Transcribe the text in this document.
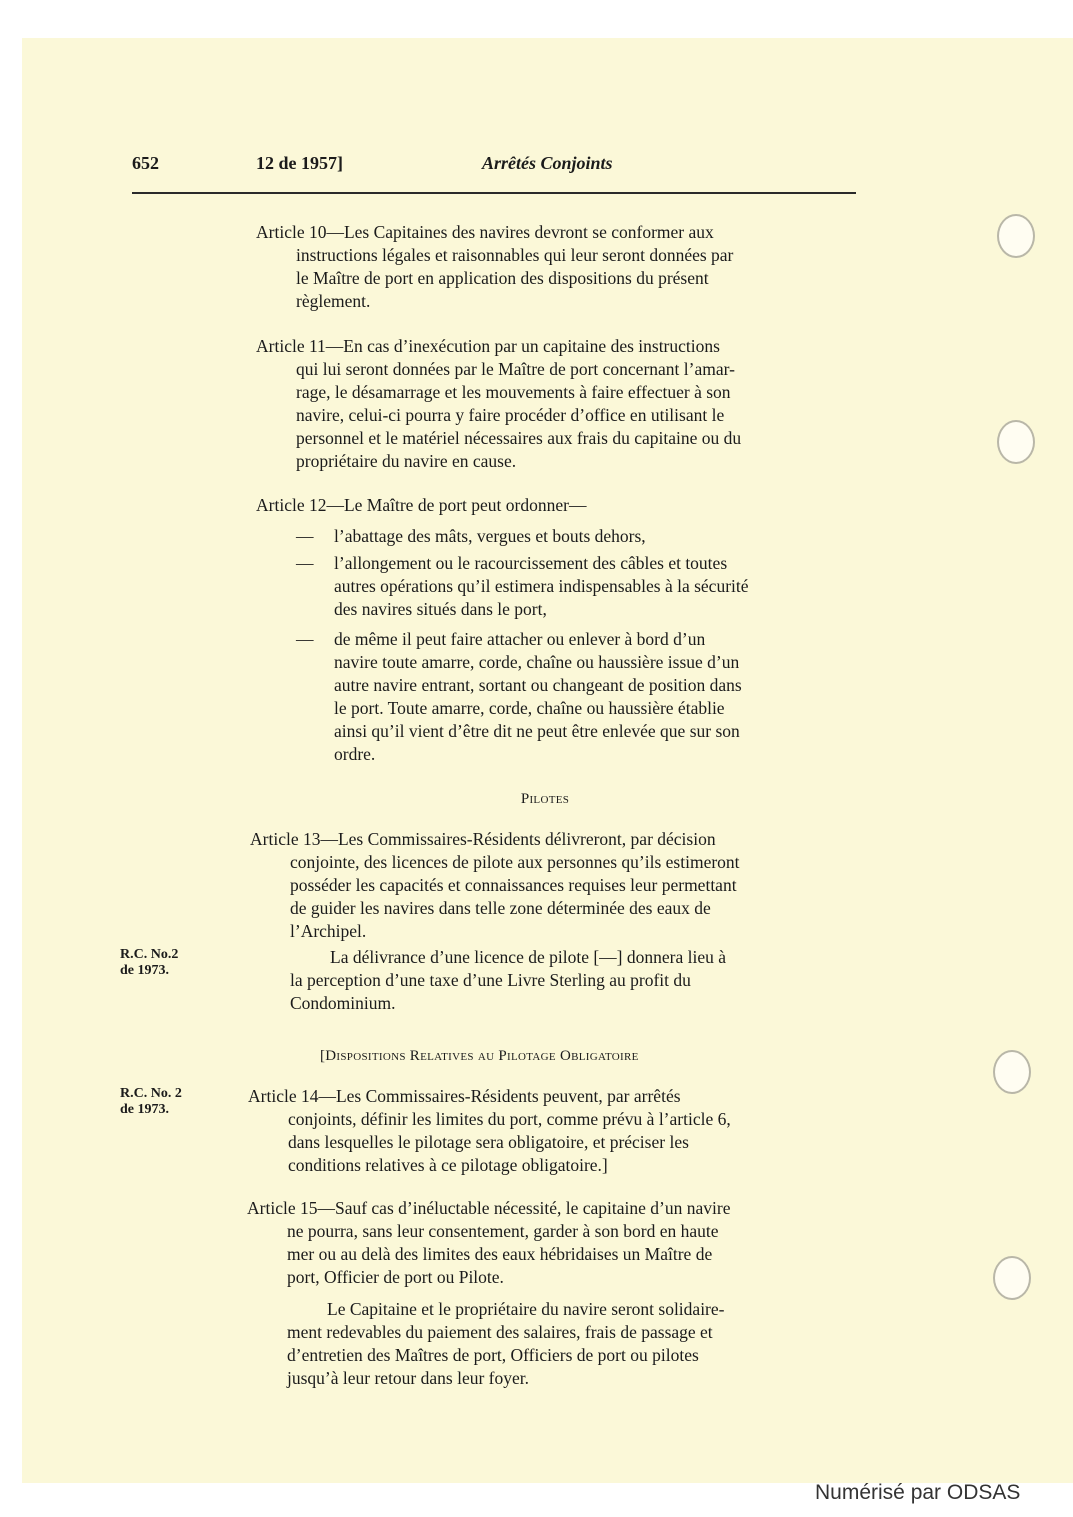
652	12 de 1957]	Arrêtés Conjoints
Article 10—Les Capitaines des navires devront se conformer aux
instructions légales et raisonnables qui leur seront données par
le Maître de port en application des dispositions du présent
règlement.
Article 11—En cas d’inexécution par un capitaine des instructions
qui lui seront données par le Maître de port concernant l’amar-
rage, le désamarrage et les mouvements à faire effectuer à son
navire, celui-ci pourra y faire procéder d’office en utilisant le
personnel et le matériel nécessaires aux frais du capitaine ou du
propriétaire du navire en cause.
Article 12—Le Maître de port peut ordonner—
— l’abattage des mâts, vergues et bouts dehors,
— l’allongement ou le racourcissement des câbles et toutes
autres opérations qu’il estimera indispensables à la sécurité
des navires situés dans le port,
— de même il peut faire attacher ou enlever à bord d’un
navire toute amarre, corde, chaîne ou haussière issue d’un
autre navire entrant, sortant ou changeant de position dans
le port. Toute amarre, corde, chaîne ou haussière établie
ainsi qu’il vient d’être dit ne peut être enlevée que sur son
ordre.
Pilotes
Article 13—Les Commissaires-Résidents délivreront, par décision
conjointe, des licences de pilote aux personnes qu’ils estimeront
posséder les capacités et connaissances requises leur permettant
de guider les navires dans telle zone déterminée des eaux de
l’Archipel.
R.C. No.2
de 1973.
La délivrance d’une licence de pilote [—] donnera lieu à
la perception d’une taxe d’une Livre Sterling au profit du
Condominium.
[Dispositions Relatives au Pilotage Obligatoire
R.C. No. 2
de 1973.
Article 14—Les Commissaires-Résidents peuvent, par arrêtés
conjoints, définir les limites du port, comme prévu à l’article 6,
dans lesquelles le pilotage sera obligatoire, et préciser les
conditions relatives à ce pilotage obligatoire.]
Article 15—Sauf cas d’inéluctable nécessité, le capitaine d’un navire
ne pourra, sans leur consentement, garder à son bord en haute
mer ou au delà des limites des eaux hébridaises un Maître de
port, Officier de port ou Pilote.
Le Capitaine et le propriétaire du navire seront solidaire-
ment redevables du paiement des salaires, frais de passage et
d’entretien des Maîtres de port, Officiers de port ou pilotes
jusqu’à leur retour dans leur foyer.
Numérisé par ODSAS
